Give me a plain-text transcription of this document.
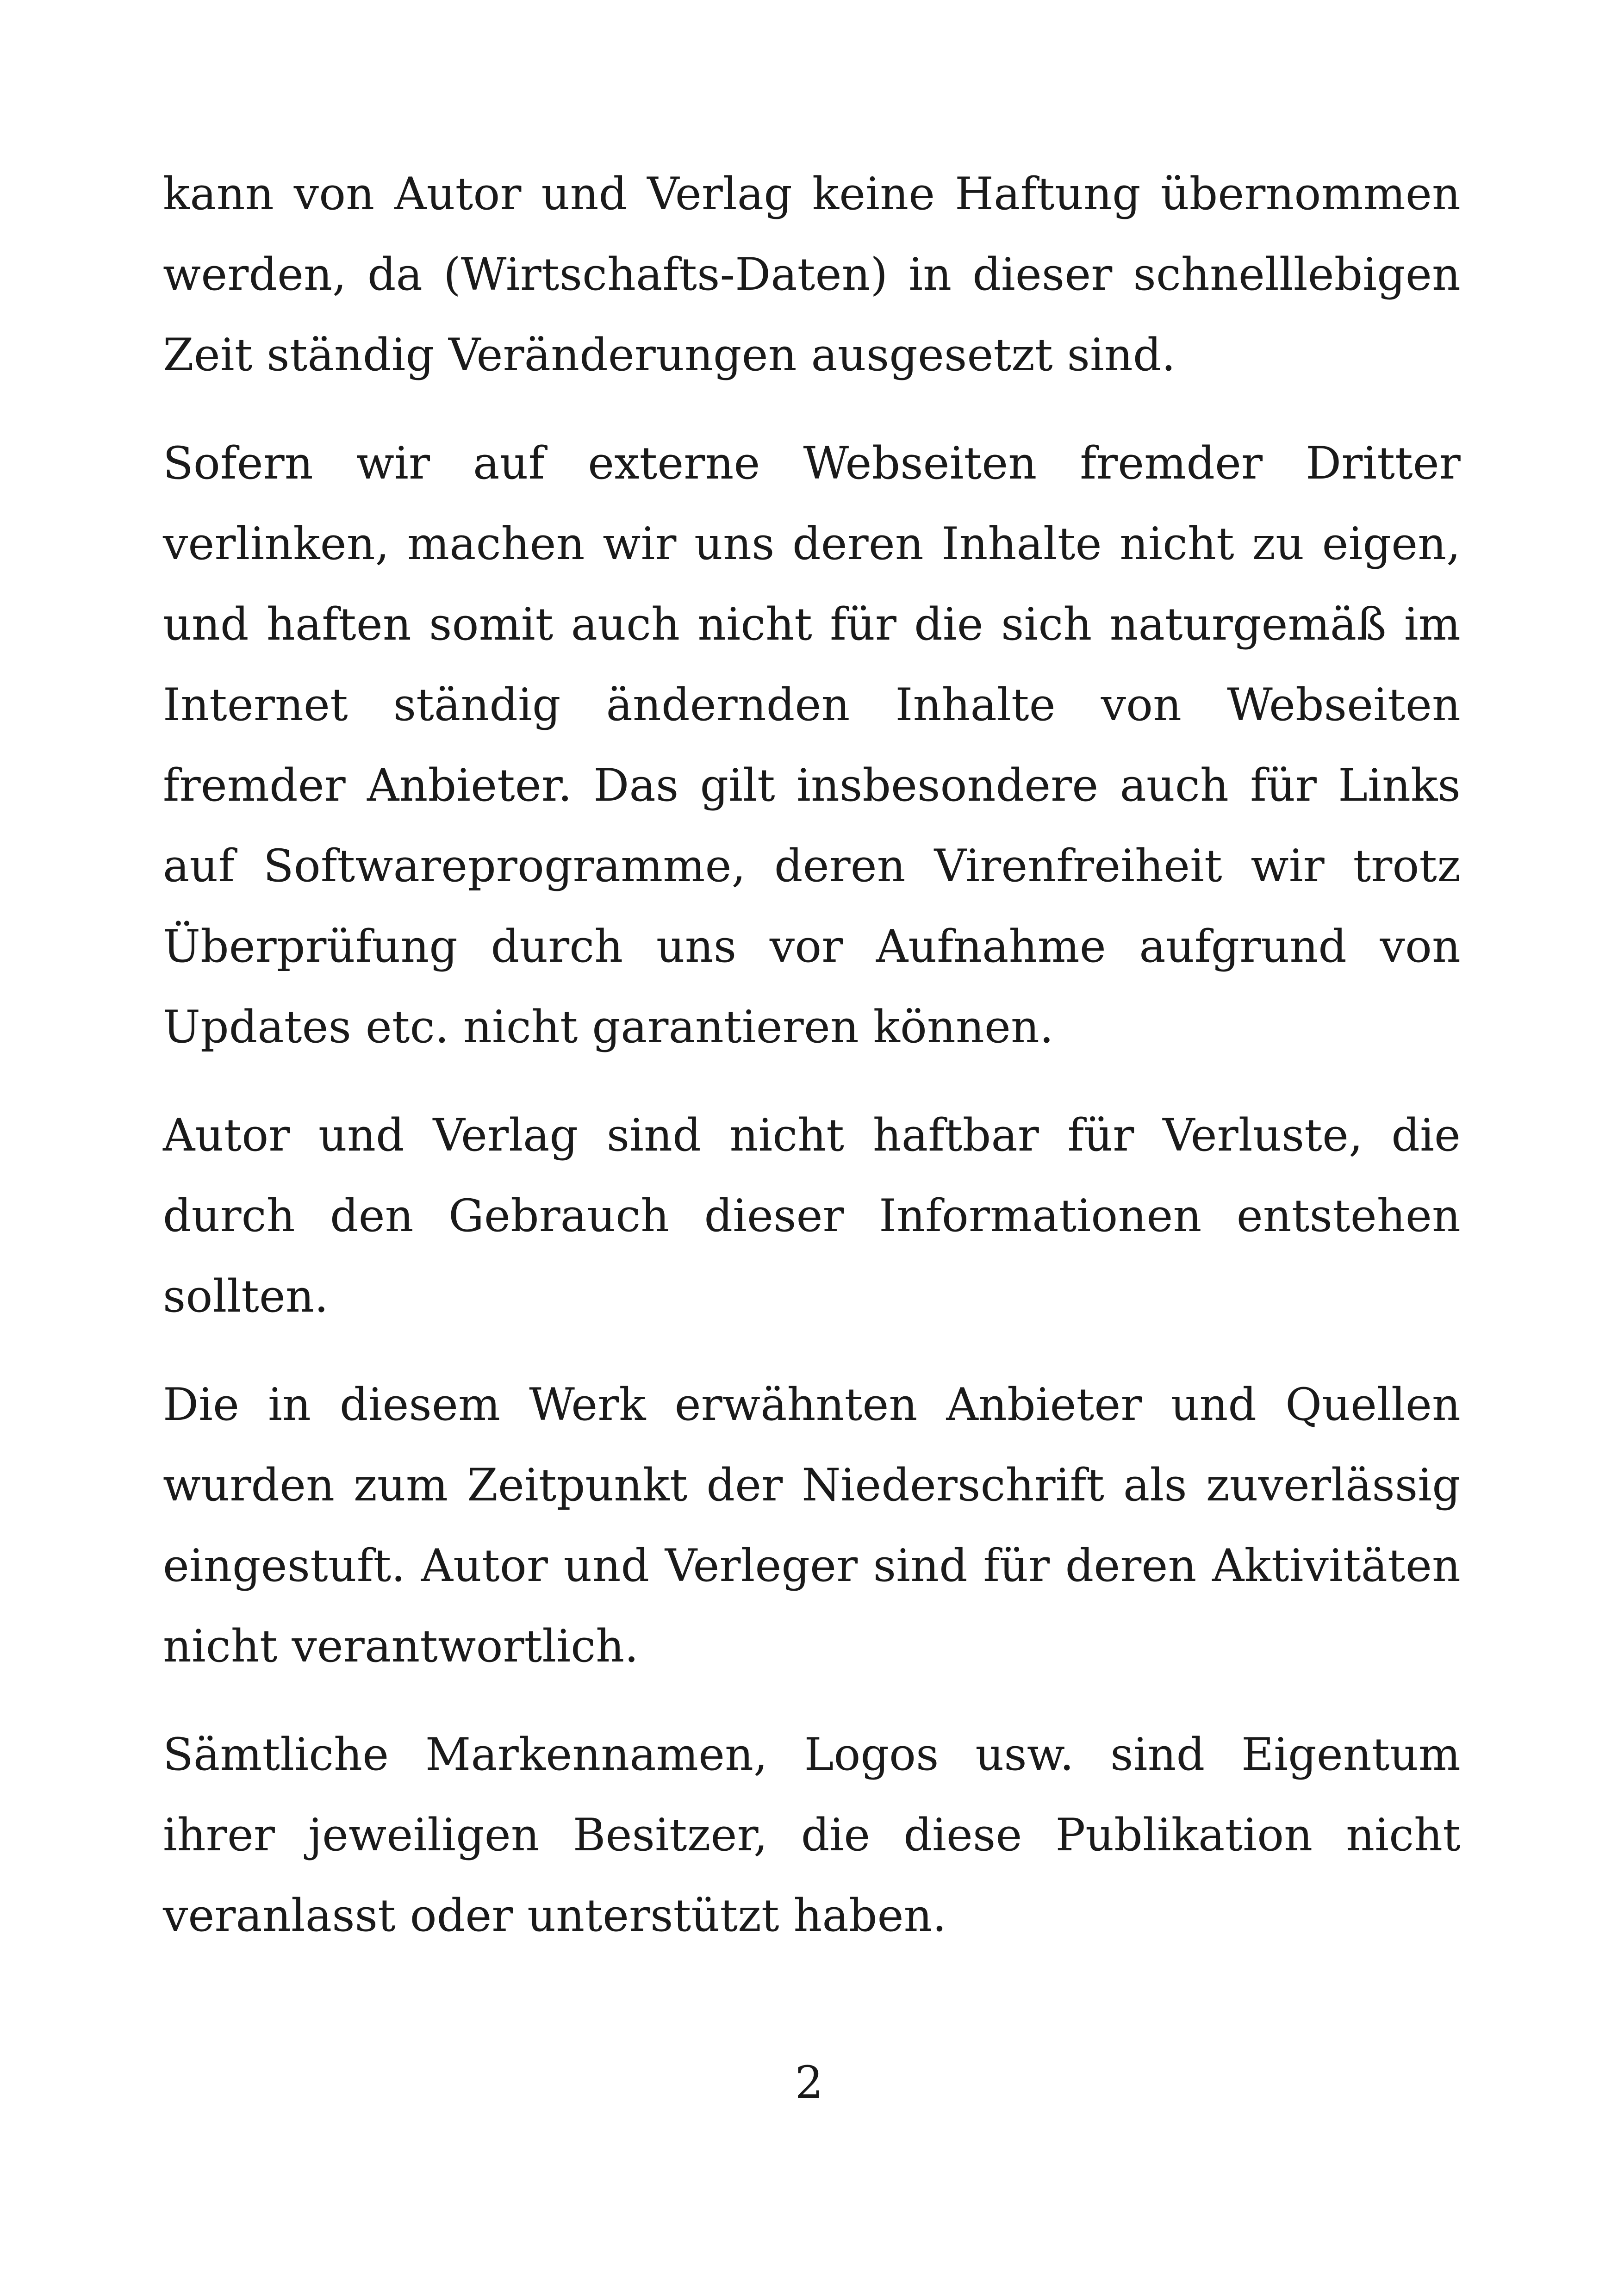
kann von Autor und Verlag keine Haftung übernommen werden, da (Wirtschafts-Daten) in dieser schnelllebigen Zeit ständig Veränderungen ausgesetzt sind.

Sofern wir auf externe Webseiten fremder Dritter verlinken, machen wir uns deren Inhalte nicht zu eigen, und haften somit auch nicht für die sich naturgemäß im Internet ständig ändernden Inhalte von Webseiten fremder Anbieter. Das gilt insbesondere auch für Links auf Softwareprogramme, deren Virenfreiheit wir trotz Überprüfung durch uns vor Aufnahme aufgrund von Updates etc. nicht garantieren können.

Autor und Verlag sind nicht haftbar für Verluste, die durch den Gebrauch dieser Informationen entstehen sollten.

Die in diesem Werk erwähnten Anbieter und Quellen wurden zum Zeitpunkt der Niederschrift als zuverlässig eingestuft. Autor und Verleger sind für deren Aktivitäten nicht verantwortlich.

Sämtliche Markennamen, Logos usw. sind Eigentum ihrer jeweiligen Besitzer, die diese Publikation nicht veranlasst oder unterstützt haben.

2
